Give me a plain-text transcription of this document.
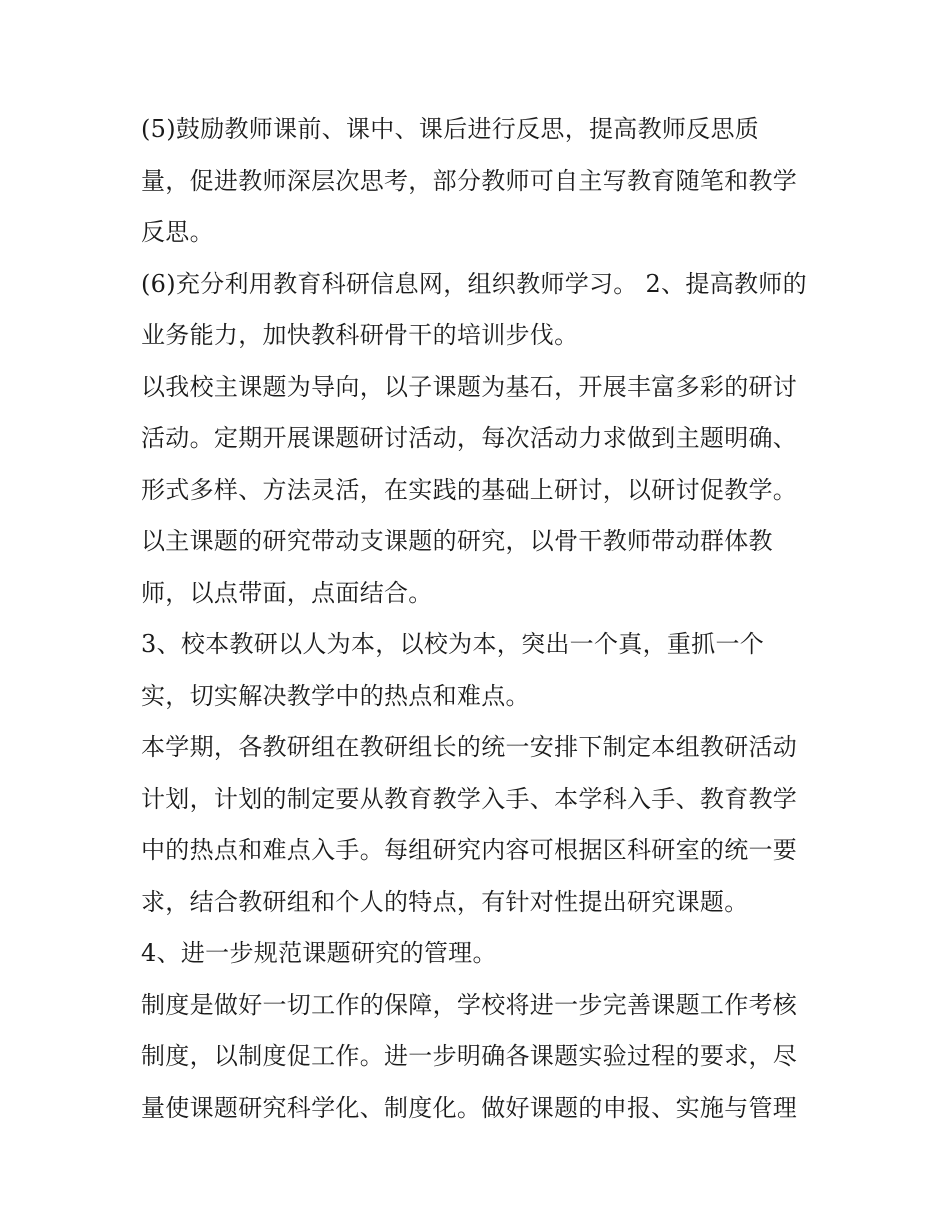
(5)鼓励教师课前、课中、课后进行反思，提高教师反思质
量，促进教师深层次思考，部分教师可自主写教育随笔和教学
反思。
(6)充分利用教育科研信息网，组织教师学习。 2、提高教师的
业务能力，加快教科研骨干的培训步伐。
以我校主课题为导向，以子课题为基石，开展丰富多彩的研讨
活动。定期开展课题研讨活动，每次活动力求做到主题明确、
形式多样、方法灵活，在实践的基础上研讨，以研讨促教学。
以主课题的研究带动支课题的研究，以骨干教师带动群体教
师，以点带面，点面结合。
3、校本教研以人为本，以校为本，突出一个真，重抓一个
实，切实解决教学中的热点和难点。
本学期，各教研组在教研组长的统一安排下制定本组教研活动
计划，计划的制定要从教育教学入手、本学科入手、教育教学
中的热点和难点入手。每组研究内容可根据区科研室的统一要
求，结合教研组和个人的特点，有针对性提出研究课题。
4、进一步规范课题研究的管理。
制度是做好一切工作的保障，学校将进一步完善课题工作考核
制度，以制度促工作。进一步明确各课题实验过程的要求，尽
量使课题研究科学化、制度化。做好课题的申报、实施与管理
